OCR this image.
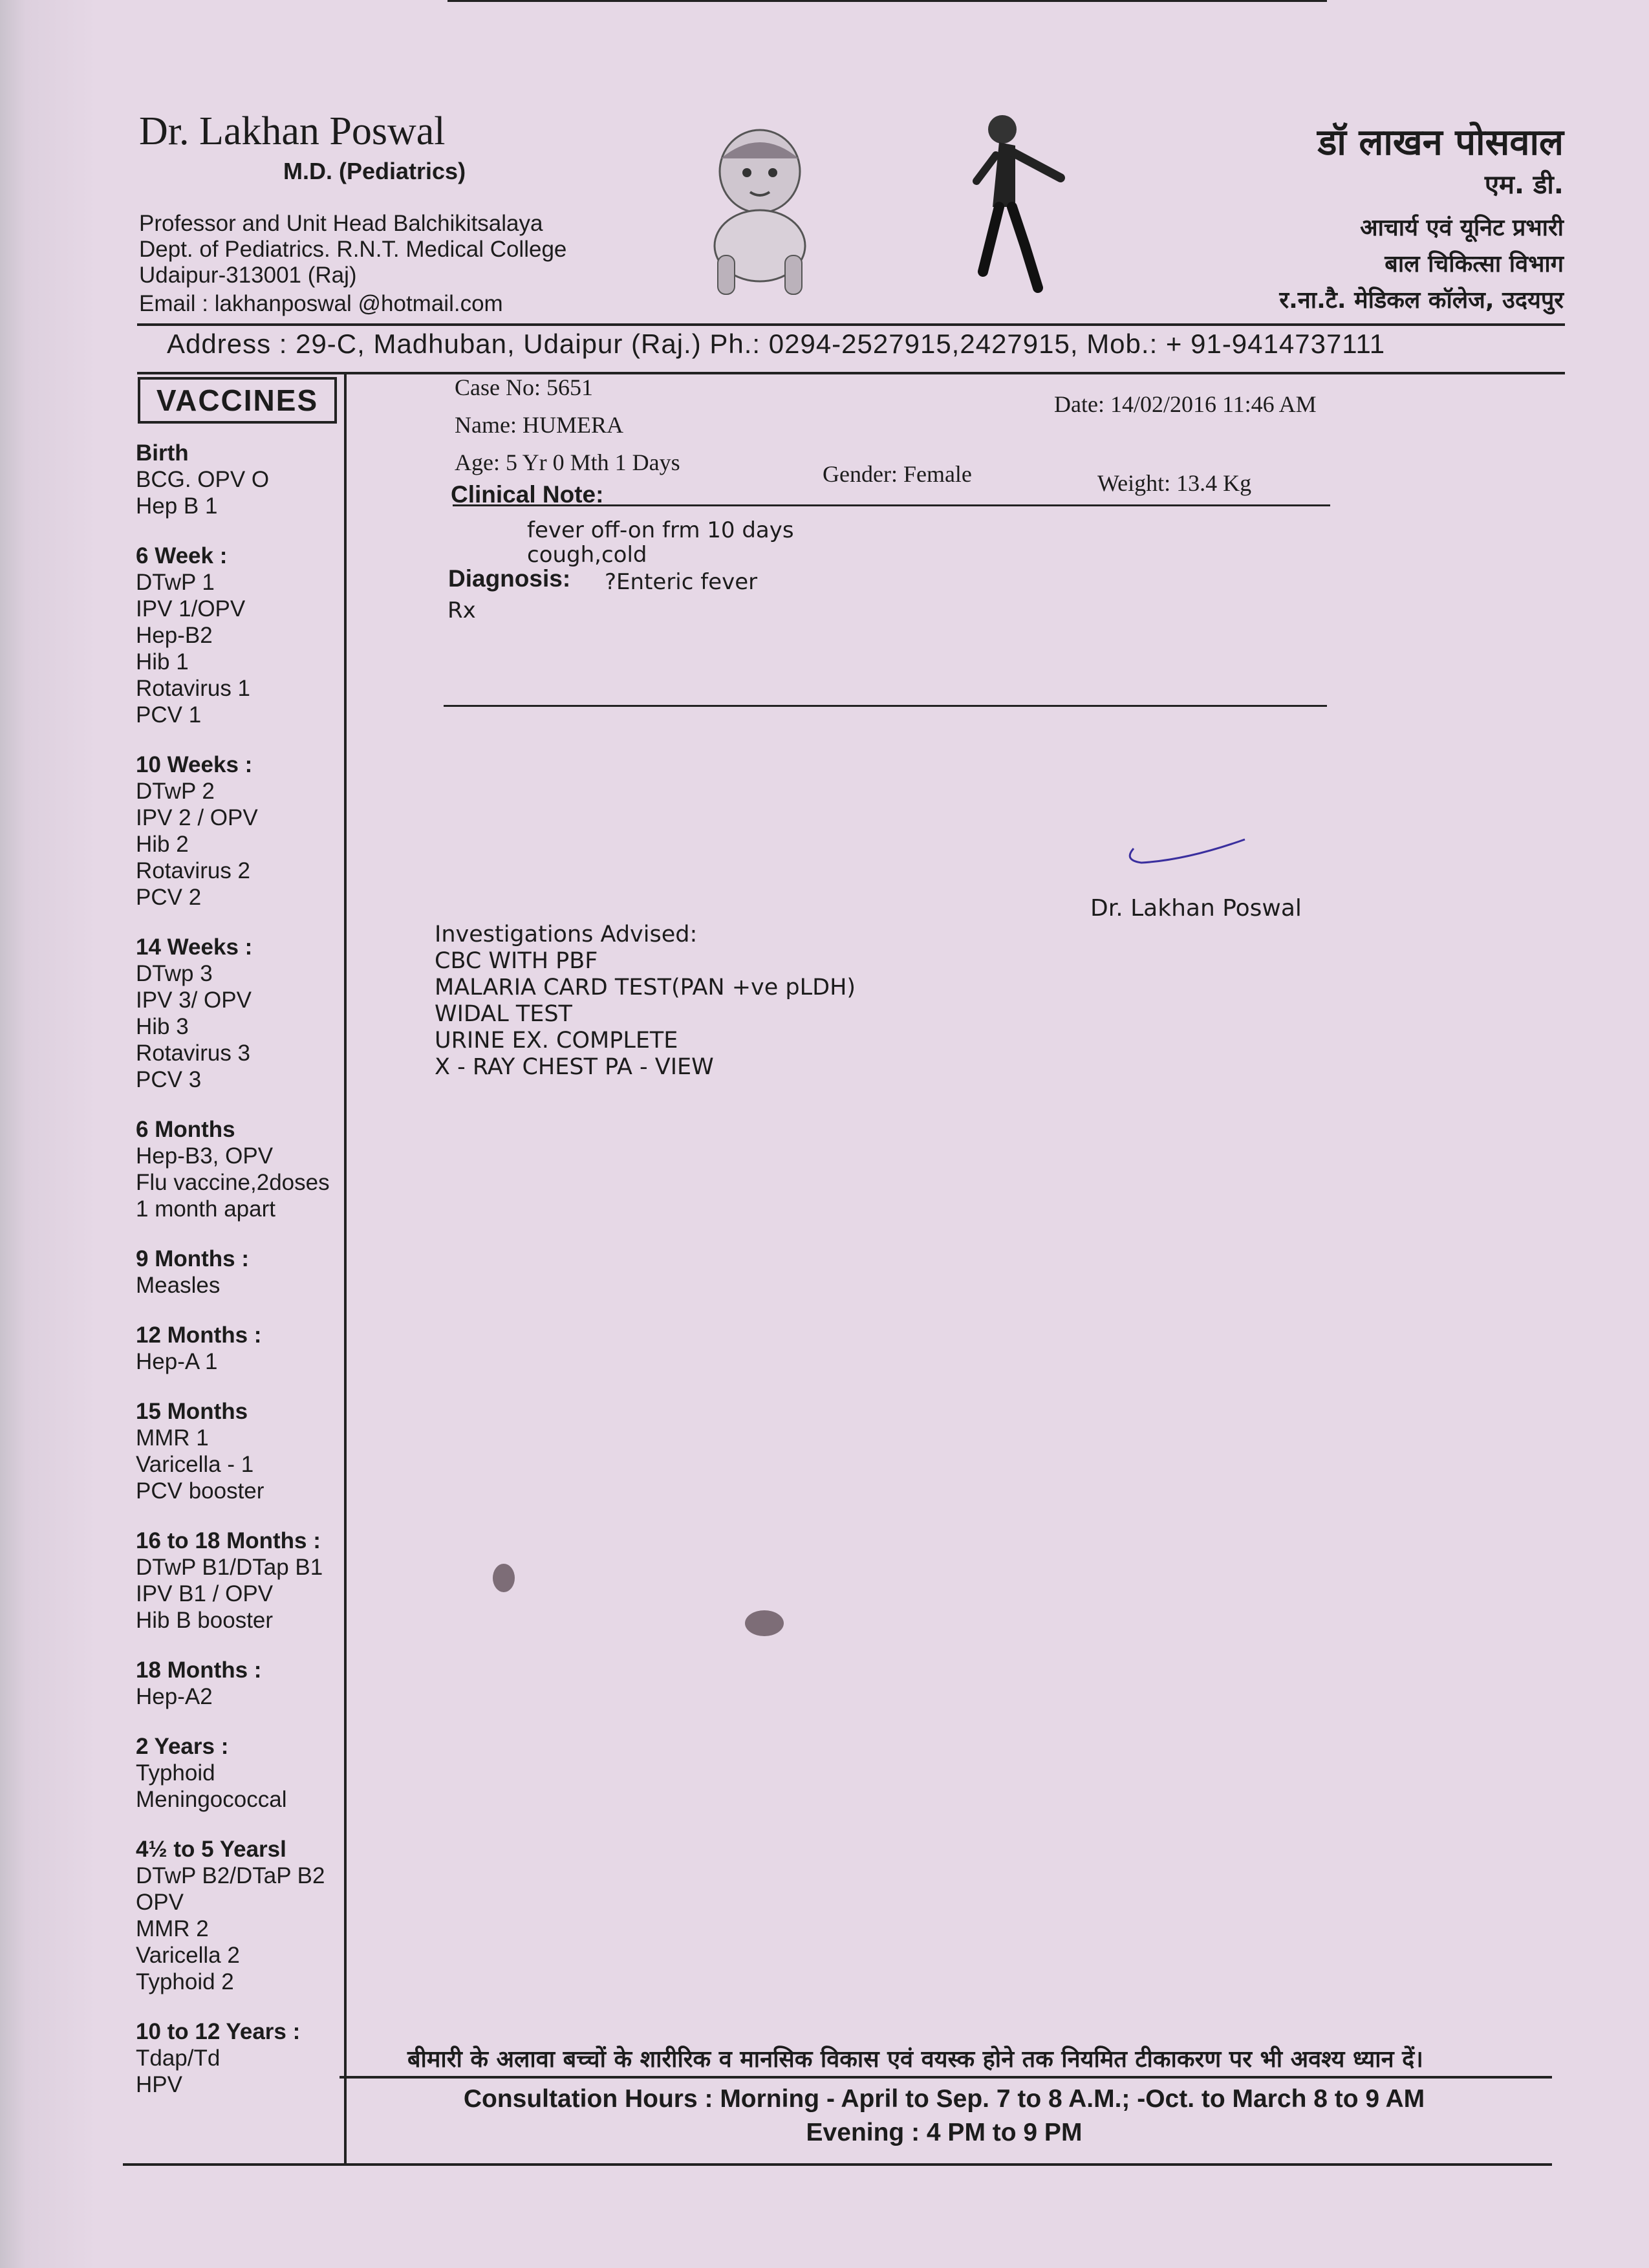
Dr. Lakhan Poswal
M.D. (Pediatrics)
Professor and Unit Head Balchikitsalaya
Dept. of Pediatrics. R.N.T. Medical College
Udaipur-313001 (Raj)
Email : lakhanposwal @hotmail.com
डॉ लाखन पोसवाल
एम. डी.
आचार्य एवं यूनिट प्रभारी
बाल चिकित्सा विभाग
र.ना.टै. मेडिकल कॉलेज, उदयपुर
Address : 29-C, Madhuban, Udaipur (Raj.) Ph.: 0294-2527915,2427915, Mob.: + 91-9414737111
VACCINES
Birth
BCG. OPV O
Hep B 1
6 Week :
DTwP 1
IPV 1/OPV
Hep-B2
Hib 1
Rotavirus 1
PCV 1
10 Weeks :
DTwP 2
IPV 2 / OPV
Hib 2
Rotavirus 2
PCV 2
14 Weeks :
DTwp 3
IPV 3/ OPV
Hib 3
Rotavirus 3
PCV 3
6 Months
Hep-B3, OPV
Flu vaccine,2doses
1 month apart
9 Months :
Measles
12 Months :
Hep-A 1
15 Months
MMR 1
Varicella - 1
PCV booster
16 to 18 Months :
DTwP B1/DTap B1
IPV B1 / OPV
Hib B booster
18 Months :
Hep-A2
2 Years :
Typhoid
Meningococcal
4½ to 5 Yearsl
DTwP B2/DTaP B2
OPV
MMR 2
Varicella 2
Typhoid 2
10 to 12 Years :
Tdap/Td
HPV
Case No: 5651
Date: 14/02/2016 11:46 AM
Name: HUMERA
Age: 5 Yr 0 Mth 1 Days	Gender: Female	Weight: 13.4 Kg
Clinical Note:
fever off-on frm 10 days
cough,cold
Diagnosis: ?Enteric fever
Rx
Dr. Lakhan Poswal
Investigations Advised:
CBC WITH PBF
MALARIA CARD TEST(PAN +ve pLDH)
WIDAL TEST
URINE EX. COMPLETE
X - RAY CHEST PA - VIEW
बीमारी के अलावा बच्चों के शारीरिक व मानसिक विकास एवं वयस्क होने तक नियमित टीकाकरण पर भी अवश्य ध्यान दें।
Consultation Hours : Morning - April to Sep. 7 to 8 A.M.; -Oct. to March 8 to 9 AM
Evening : 4 PM to 9 PM
